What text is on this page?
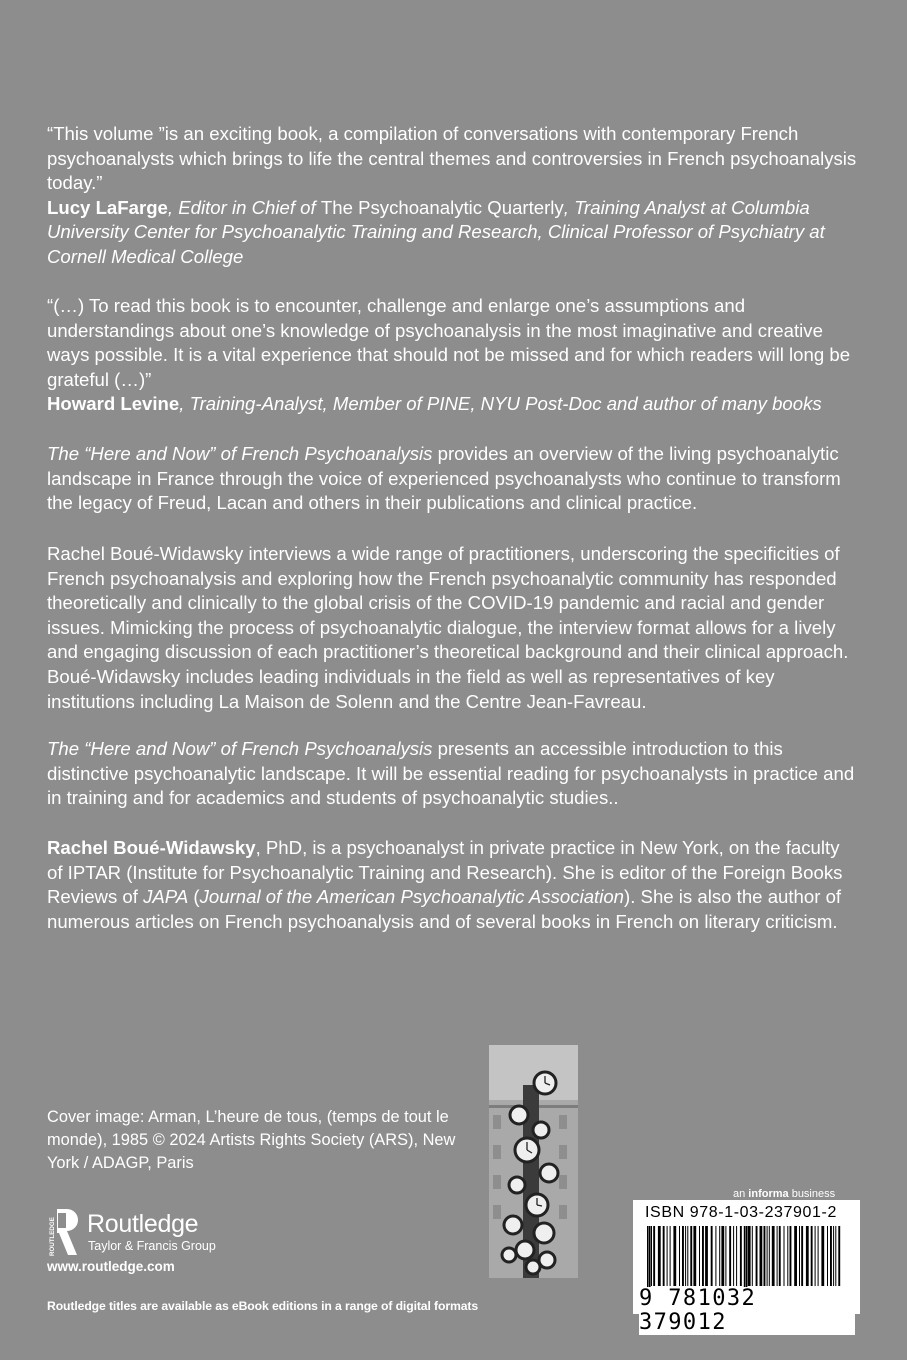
“This volume ”is an exciting book, a compilation of conversations with contemporary French psychoanalysts which brings to life the central themes and controversies in French psychoanalysis today.”

Lucy LaFarge, Editor in Chief of The Psychoanalytic Quarterly, Training Analyst at Columbia University Center for Psychoanalytic Training and Research, Clinical Professor of Psychiatry at Cornell Medical College

“(…) To read this book is to encounter, challenge and enlarge one’s assumptions and understandings about one’s knowledge of psychoanalysis in the most imaginative and creative ways possible. It is a vital experience that should not be missed and for which readers will long be grateful (…)”

Howard Levine, Training-Analyst, Member of PINE, NYU Post-Doc and author of many books

The “Here and Now” of French Psychoanalysis provides an overview of the living psychoanalytic landscape in France through the voice of experienced psychoanalysts who continue to transform the legacy of Freud, Lacan and others in their publications and clinical practice.

Rachel Boué-Widawsky interviews a wide range of practitioners, underscoring the specificities of French psychoanalysis and exploring how the French psychoanalytic community has responded theoretically and clinically to the global crisis of the COVID-19 pandemic and racial and gender issues. Mimicking the process of psychoanalytic dialogue, the interview format allows for a lively and engaging discussion of each practitioner’s theoretical background and their clinical approach. Boué-Widawsky includes leading individuals in the field as well as representatives of key institutions including La Maison de Solenn and the Centre Jean-Favreau.

The “Here and Now” of French Psychoanalysis presents an accessible introduction to this distinctive psychoanalytic landscape. It will be essential reading for psychoanalysts in practice and in training and for academics and students of psychoanalytic studies..

Rachel Boué-Widawsky, PhD, is a psychoanalyst in private practice in New York, on the faculty of IPTAR (Institute for Psychoanalytic Training and Research). She is editor of the Foreign Books Reviews of JAPA (Journal of the American Psychoanalytic Association). She is also the author of numerous articles on French psychoanalysis and of several books in French on literary criticism.

Cover image: Arman, L’heure de tous, (temps de tout le monde), 1985 © 2024 Artists Rights Society (ARS), New York / ADAGP, Paris
ROUTLEDGE Routledge
Taylor & Francis Group
www.routledge.com
Routledge titles are available as eBook editions in a range of digital formats
an informa business
ISBN 978-1-03-237901-2
9 781032 379012
